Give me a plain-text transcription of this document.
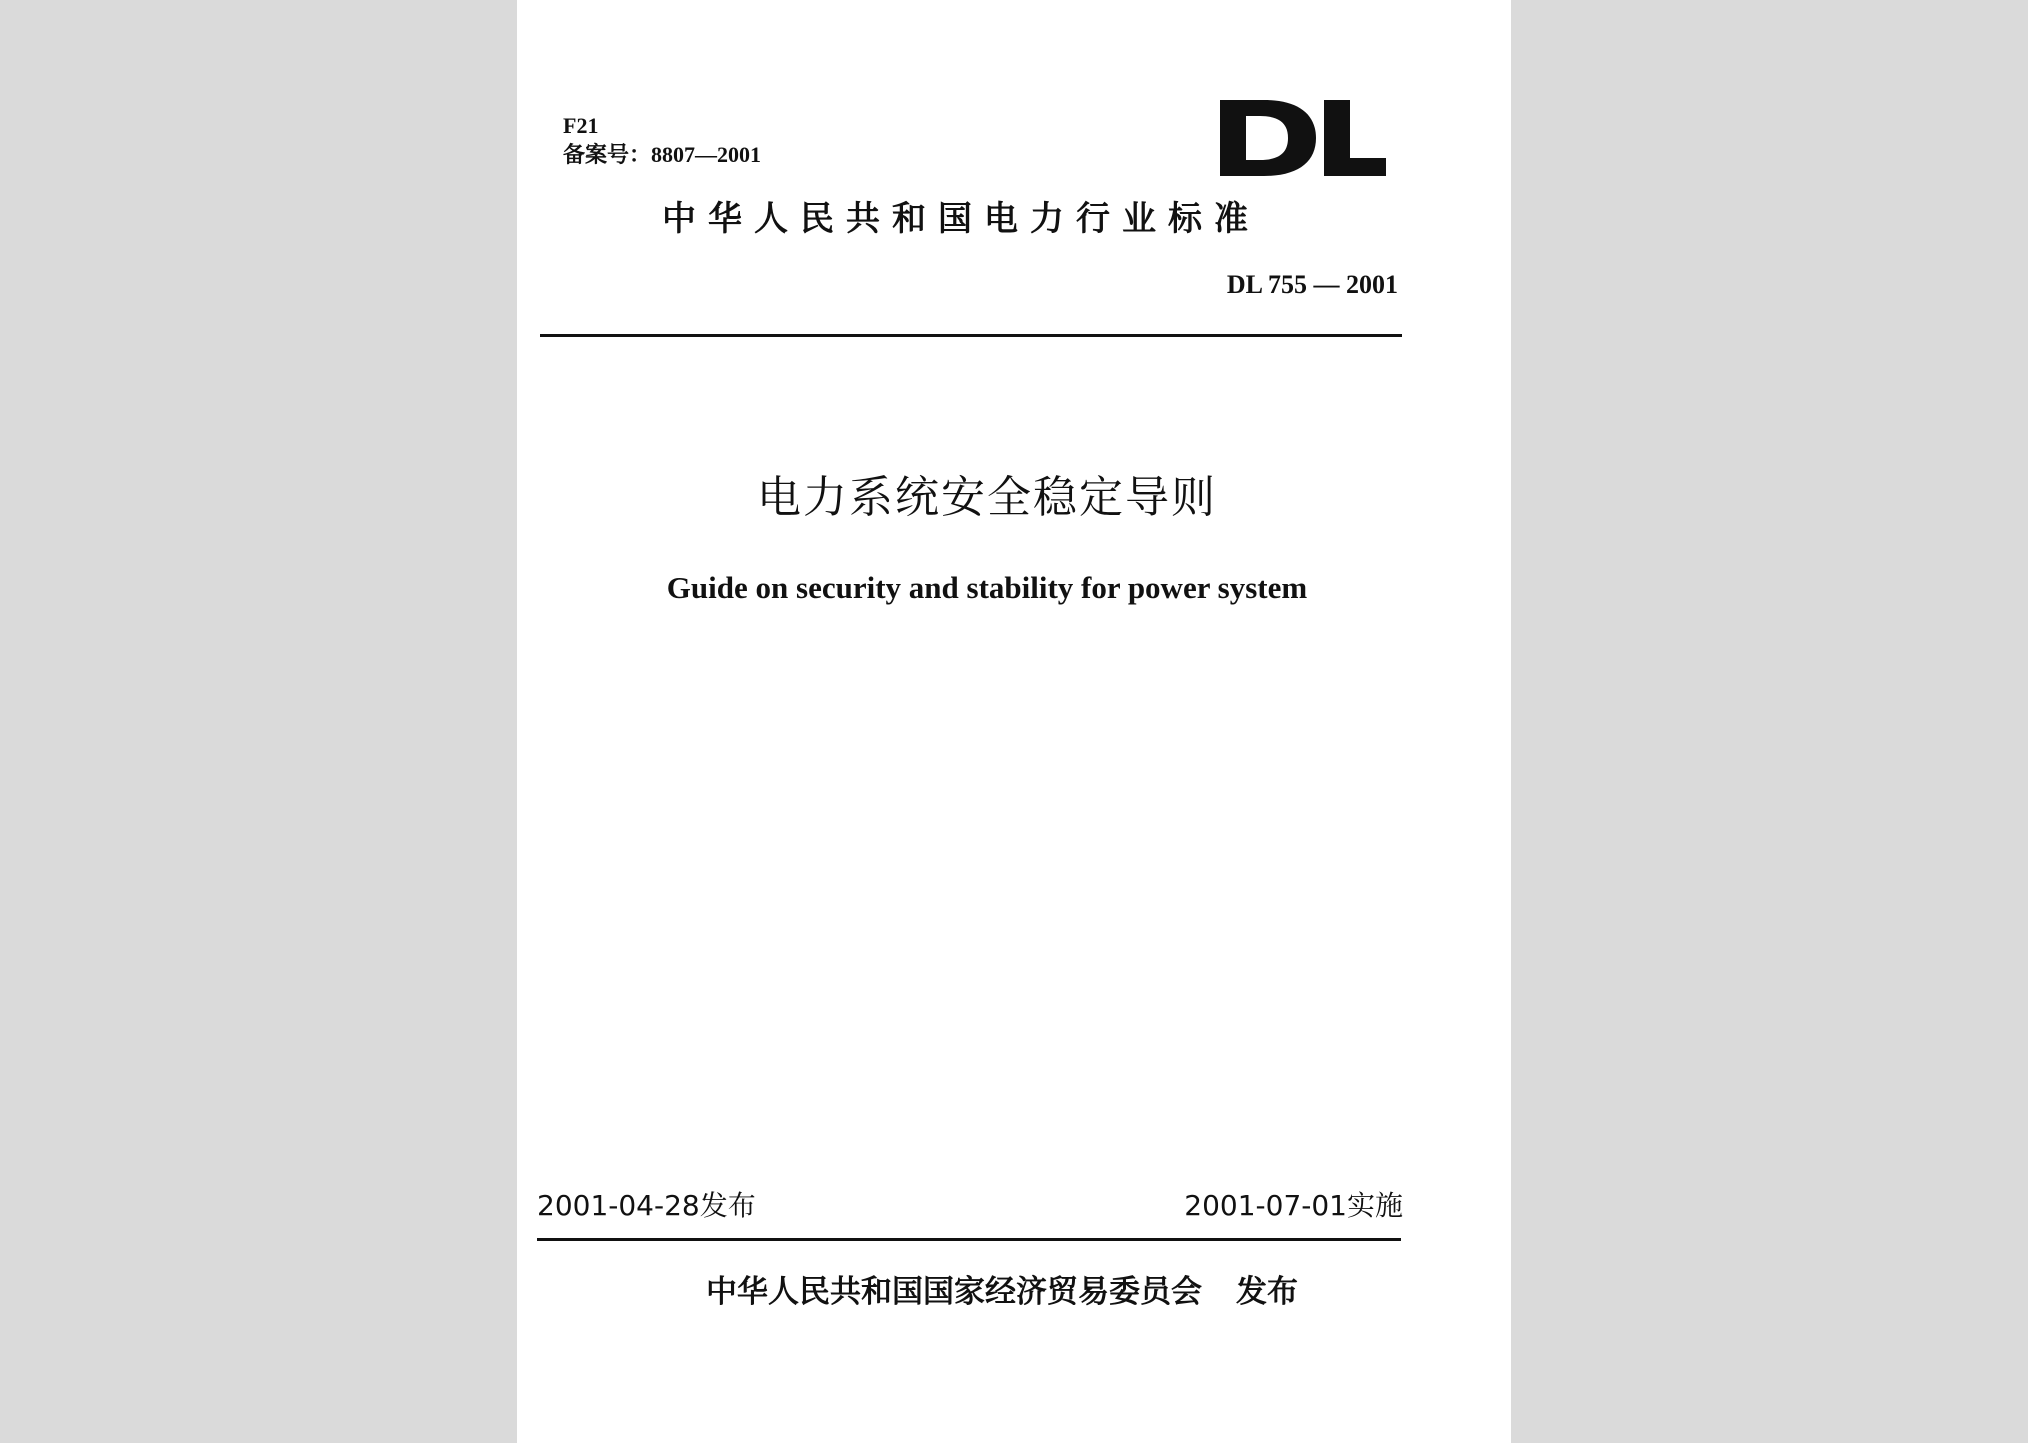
F21
备案号：8807—2001
中华人民共和国电力行业标准
DL 755 — 2001
电力系统安全稳定导则
Guide on security and stability for power system
2001-04-28发布	2001-07-01实施
中华人民共和国国家经济贸易委员会 发布
